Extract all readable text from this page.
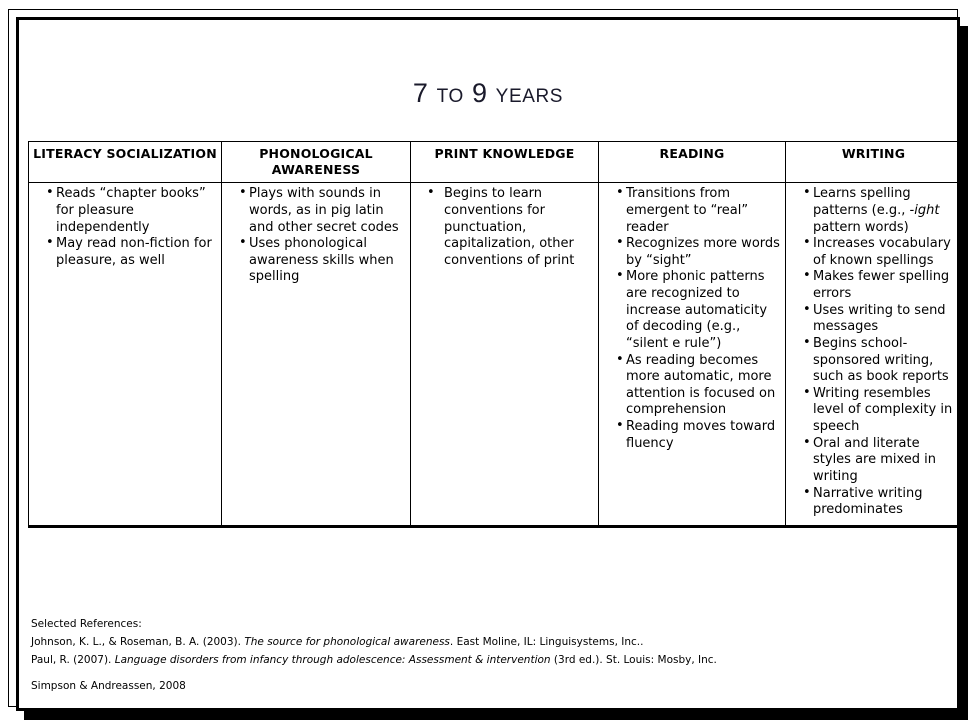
7 to 9 years
LITERACY SOCIALIZATION	PHONOLOGICAL AWARENESS	PRINT KNOWLEDGE	READING	WRITING

• Reads “chapter books” for pleasure independently
• May read non-fiction for pleasure, as well

• Plays with sounds in words, as in pig latin and other secret codes
• Uses phonological awareness skills when spelling

• Begins to learn conventions for punctuation, capitalization, other conventions of print

• Transitions from emergent to “real” reader
• Recognizes more words by “sight”
• More phonic patterns are recognized to increase automaticity of decoding (e.g., “silent e rule”)
• As reading becomes more automatic, more attention is focused on comprehension
• Reading moves toward fluency

• Learns spelling patterns (e.g., -ight pattern words)
• Increases vocabulary of known spellings
• Makes fewer spelling errors
• Uses writing to send messages
• Begins school-sponsored writing, such as book reports
• Writing resembles level of complexity in speech
• Oral and literate styles are mixed in writing
• Narrative writing predominates
Selected References:
Johnson, K. L., & Roseman, B. A. (2003). The source for phonological awareness. East Moline, IL: Linguisystems, Inc..
Paul, R. (2007). Language disorders from infancy through adolescence: Assessment & intervention (3rd ed.). St. Louis: Mosby, Inc.
Simpson & Andreassen, 2008
